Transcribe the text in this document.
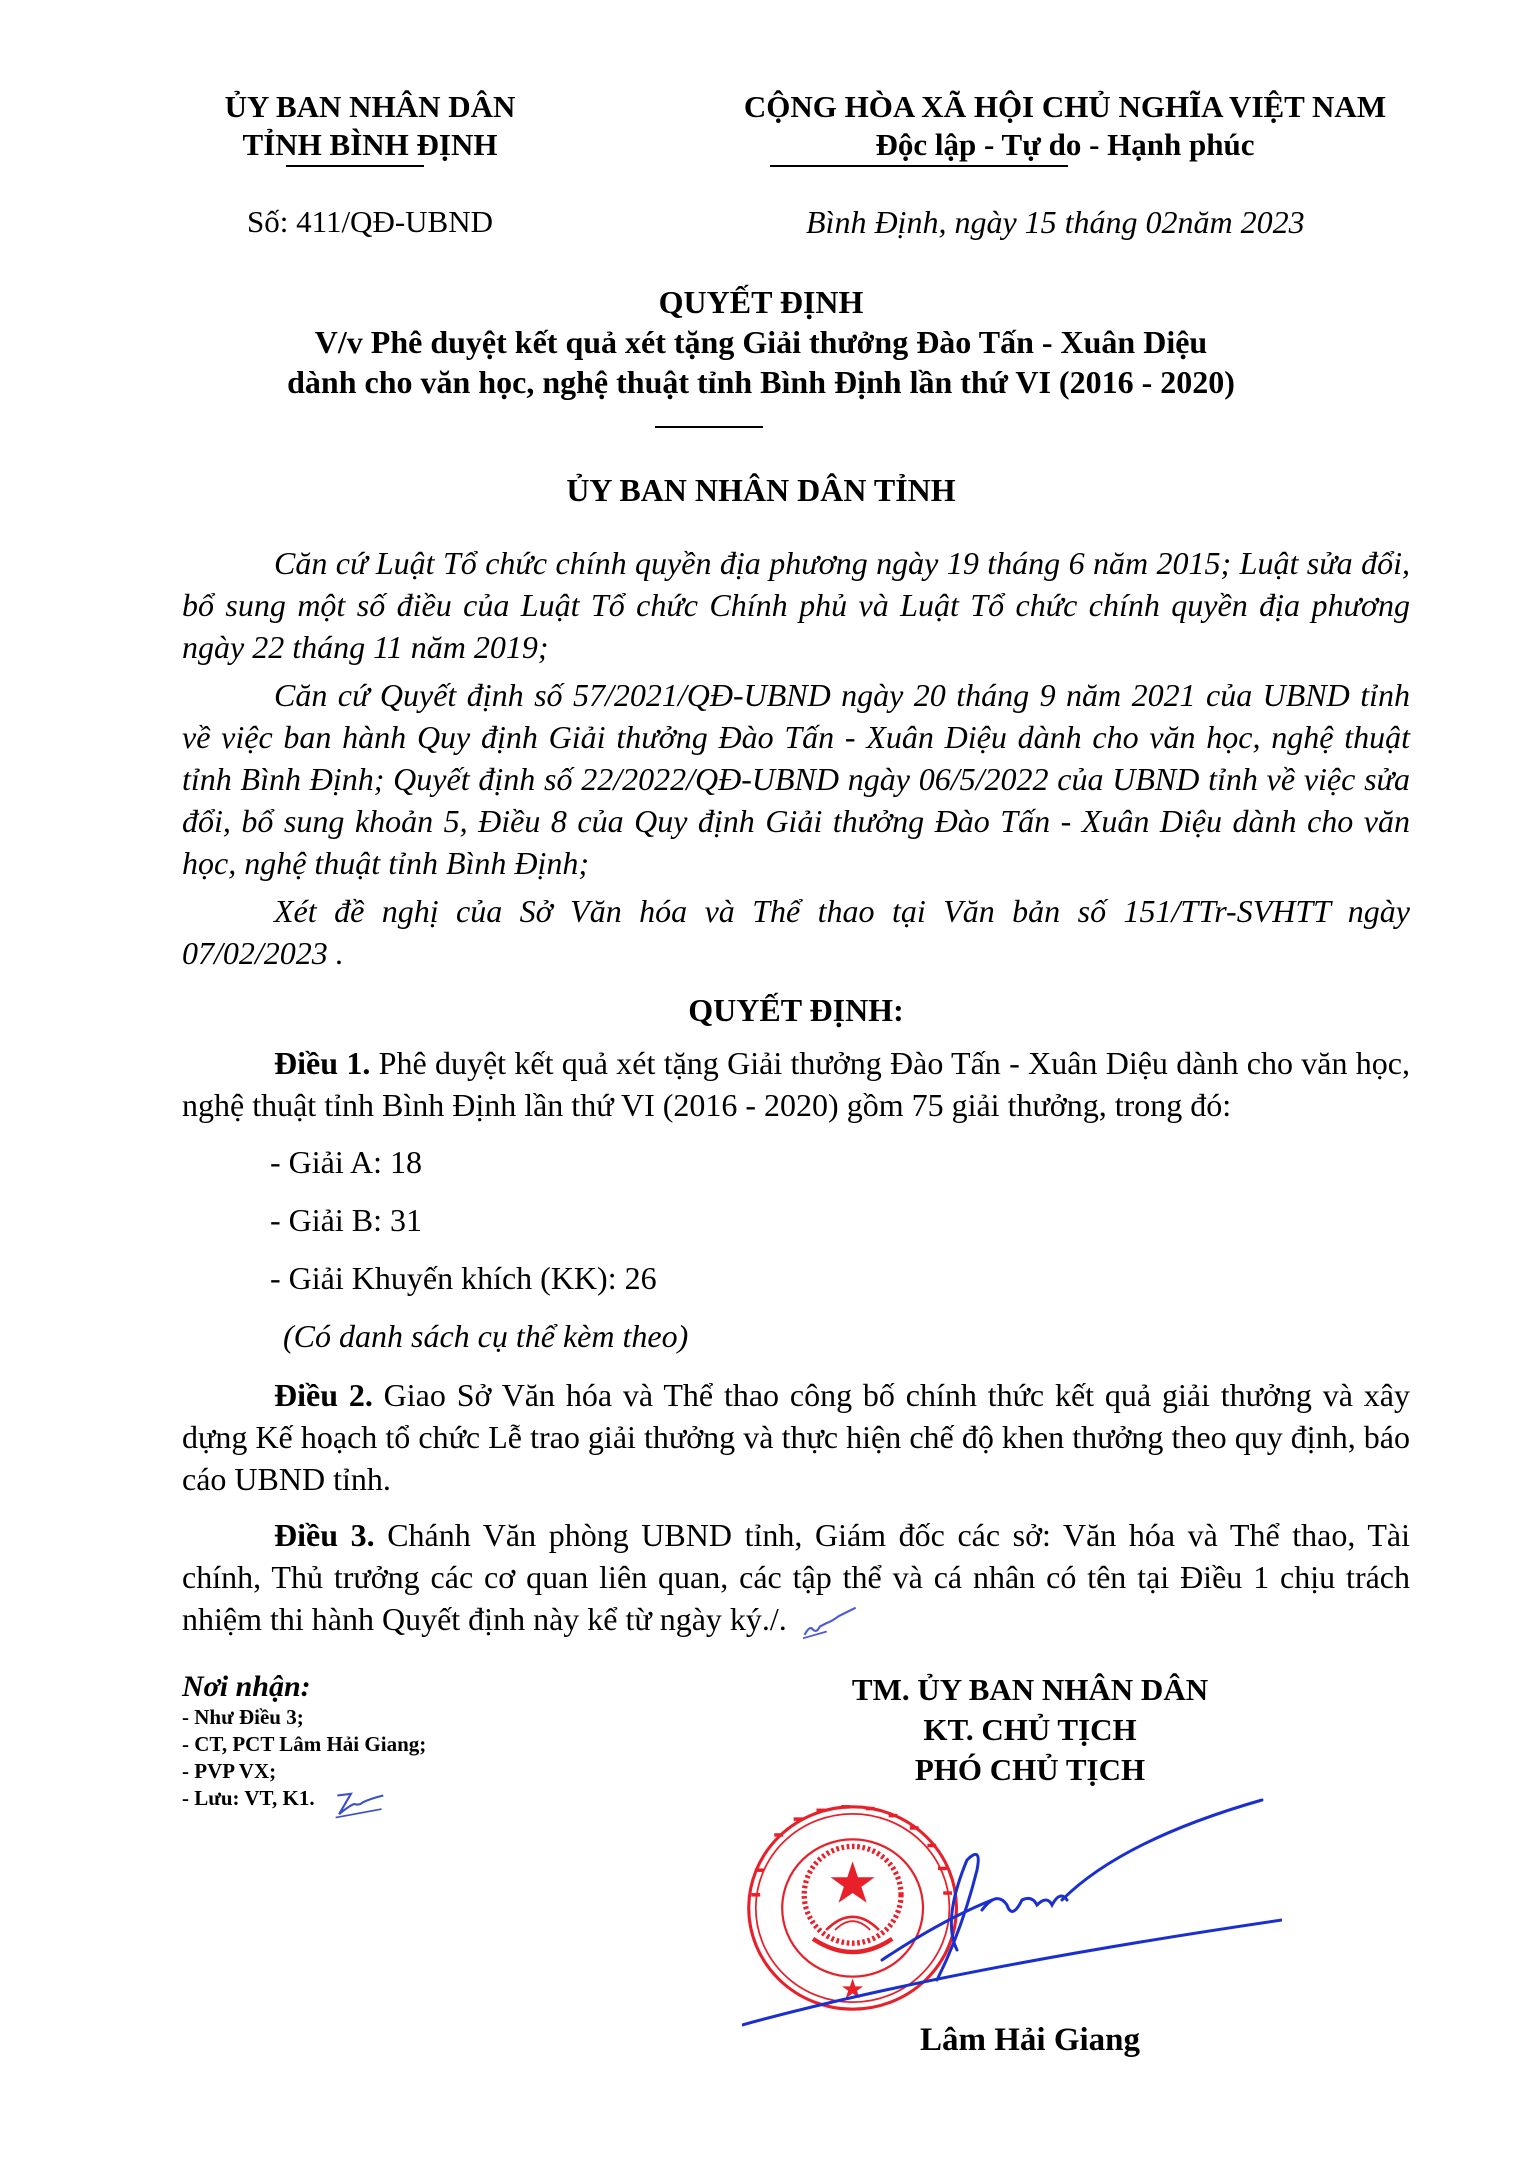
ỦY BAN NHÂN DÂN
TỈNH BÌNH ĐỊNH
Số: 411/QĐ-UBND
CỘNG HÒA XÃ HỘI CHỦ NGHĨA VIỆT NAM
Độc lập - Tự do - Hạnh phúc
Bình Định, ngày 15 tháng 02năm 2023
QUYẾT ĐỊNH
V/v Phê duyệt kết quả xét tặng Giải thưởng Đào Tấn - Xuân Diệu
dành cho văn học, nghệ thuật tỉnh Bình Định lần thứ VI (2016 - 2020)
ỦY BAN NHÂN DÂN TỈNH

Căn cứ Luật Tổ chức chính quyền địa phương ngày 19 tháng 6 năm 2015; Luật sửa đổi, bổ sung một số điều của Luật Tổ chức Chính phủ và Luật Tổ chức chính quyền địa phương ngày 22 tháng 11 năm 2019;

Căn cứ Quyết định số 57/2021/QĐ-UBND ngày 20 tháng 9 năm 2021 của UBND tỉnh về việc ban hành Quy định Giải thưởng Đào Tấn - Xuân Diệu dành cho văn học, nghệ thuật tỉnh Bình Định; Quyết định số 22/2022/QĐ-UBND ngày 06/5/2022 của UBND tỉnh về việc sửa đổi, bổ sung khoản 5, Điều 8 của Quy định Giải thưởng Đào Tấn - Xuân Diệu dành cho văn học, nghệ thuật tỉnh Bình Định;

Xét đề nghị của Sở Văn hóa và Thể thao tại Văn bản số 151/TTr-SVHTT ngày 07/02/2023 .

QUYẾT ĐỊNH:

Điều 1. Phê duyệt kết quả xét tặng Giải thưởng Đào Tấn - Xuân Diệu dành cho văn học, nghệ thuật tỉnh Bình Định lần thứ VI (2016 - 2020) gồm 75 giải thưởng, trong đó:

- Giải A: 18
- Giải B: 31
- Giải Khuyến khích (KK): 26
(Có danh sách cụ thể kèm theo)

Điều 2. Giao Sở Văn hóa và Thể thao công bố chính thức kết quả giải thưởng và xây dựng Kế hoạch tổ chức Lễ trao giải thưởng và thực hiện chế độ khen thưởng theo quy định, báo cáo UBND tỉnh.

Điều 3. Chánh Văn phòng UBND tỉnh, Giám đốc các sở: Văn hóa và Thể thao, Tài chính, Thủ trưởng các cơ quan liên quan, các tập thể và cá nhân có tên tại Điều 1 chịu trách nhiệm thi hành Quyết định này kể từ ngày ký./.

Nơi nhận:
- Như Điều 3;
- CT, PCT Lâm Hải Giang;
- PVP VX;
- Lưu: VT, K1.
TM. ỦY BAN NHÂN DÂN
KT. CHỦ TỊCH
PHÓ CHỦ TỊCH
Lâm Hải Giang
